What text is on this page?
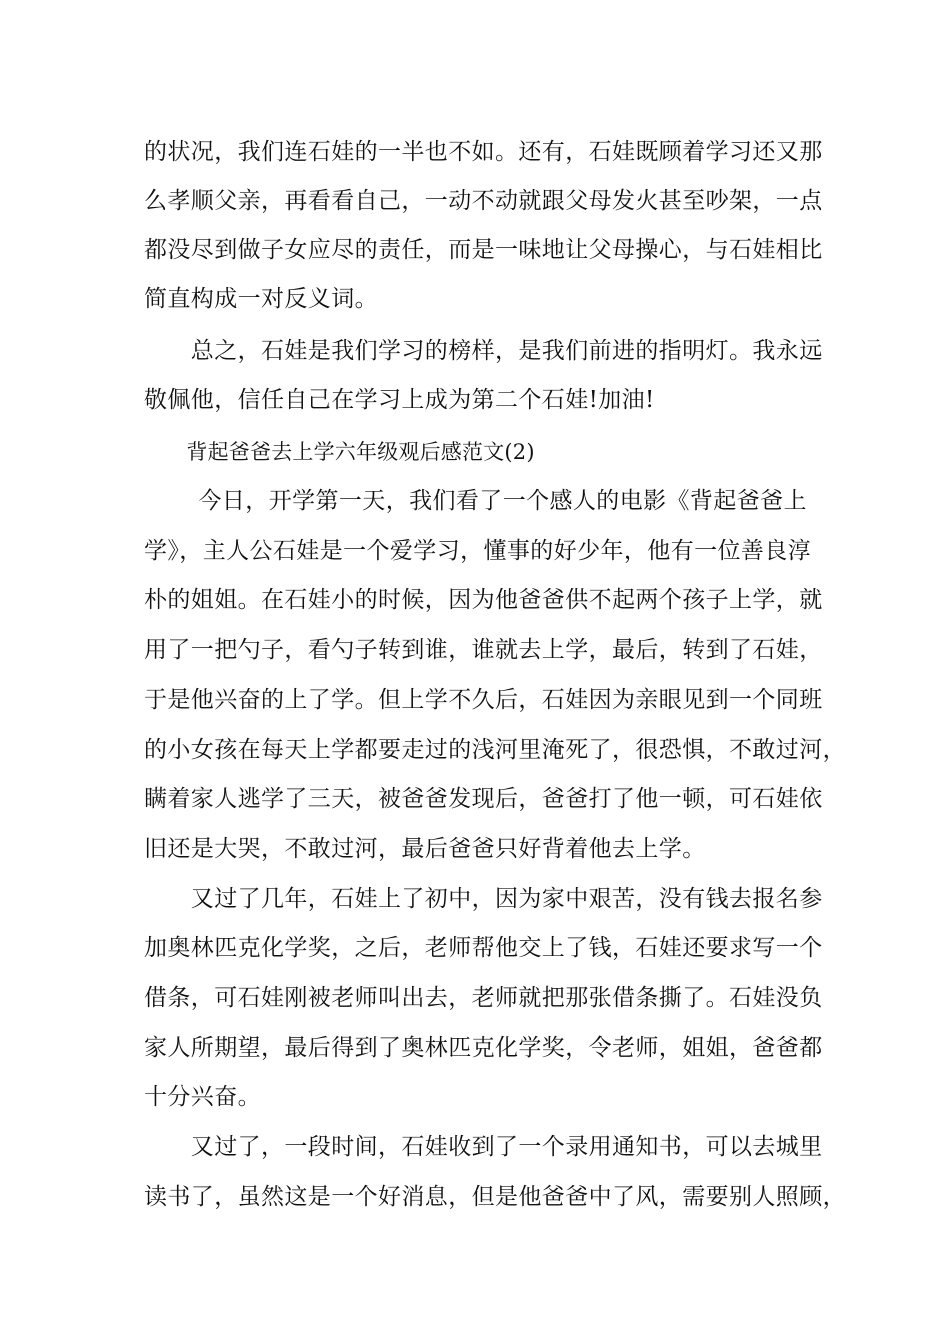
的状况，我们连石娃的一半也不如。还有，石娃既顾着学习还又那
么孝顺父亲，再看看自己，一动不动就跟父母发火甚至吵架，一点
都没尽到做子女应尽的责任，而是一味地让父母操心，与石娃相比
简直构成一对反义词。
　　总之，石娃是我们学习的榜样，是我们前进的指明灯。我永远
敬佩他，信任自己在学习上成为第二个石娃!加油!
　　背起爸爸去上学六年级观后感范文(2)
　　 今日，开学第一天，我们看了一个感人的电影《背起爸爸上
学》，主人公石娃是一个爱学习，懂事的好少年，他有一位善良淳
朴的姐姐。在石娃小的时候，因为他爸爸供不起两个孩子上学，就
用了一把勺子，看勺子转到谁，谁就去上学，最后，转到了石娃，
于是他兴奋的上了学。但上学不久后，石娃因为亲眼见到一个同班
的小女孩在每天上学都要走过的浅河里淹死了，很恐惧，不敢过河，
瞒着家人逃学了三天，被爸爸发现后，爸爸打了他一顿，可石娃依
旧还是大哭，不敢过河，最后爸爸只好背着他去上学。
　　又过了几年，石娃上了初中，因为家中艰苦，没有钱去报名参
加奥林匹克化学奖，之后，老师帮他交上了钱，石娃还要求写一个
借条，可石娃刚被老师叫出去，老师就把那张借条撕了。石娃没负
家人所期望，最后得到了奥林匹克化学奖，令老师，姐姐，爸爸都
十分兴奋。
　　又过了，一段时间，石娃收到了一个录用通知书，可以去城里
读书了，虽然这是一个好消息，但是他爸爸中了风，需要别人照顾，
